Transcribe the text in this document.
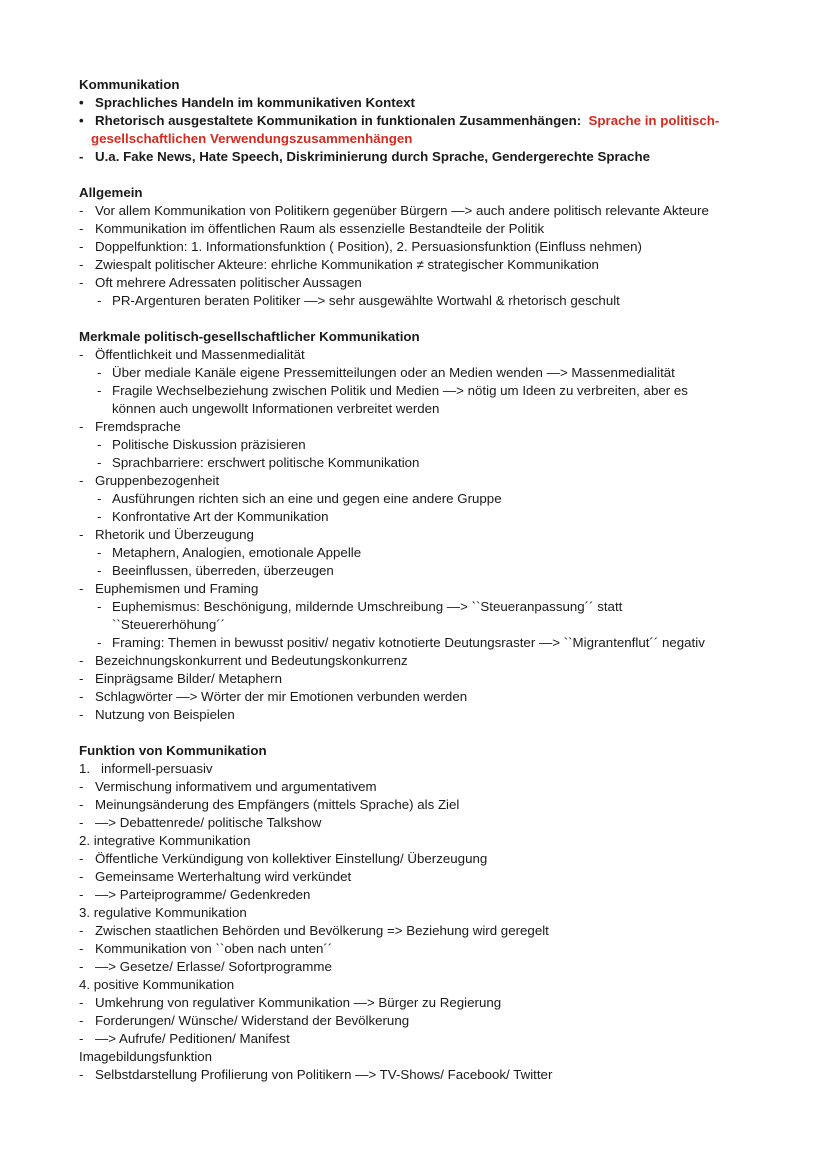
Kommunikation
• Sprachliches Handeln im kommunikativen Kontext
• Rhetorisch ausgestaltete Kommunikation in funktionalen Zusammenhängen: Sprache in politisch-
gesellschaftlichen Verwendungszusammenhängen
- U.a. Fake News, Hate Speech, Diskriminierung durch Sprache, Gendergerechte Sprache
Allgemein
- Vor allem Kommunikation von Politikern gegenüber Bürgern —> auch andere politisch relevante Akteure
- Kommunikation im öffentlichen Raum als essenzielle Bestandteile der Politik
- Doppelfunktion: 1. Informationsfunktion ( Position), 2. Persuasionsfunktion (Einfluss nehmen)
- Zwiespalt politischer Akteure: ehrliche Kommunikation ≠ strategischer Kommunikation
- Oft mehrere Adressaten politischer Aussagen
- PR-Argenturen beraten Politiker —> sehr ausgewählte Wortwahl & rhetorisch geschult
Merkmale politisch-gesellschaftlicher Kommunikation
- Öffentlichkeit und Massenmedialität
- Über mediale Kanäle eigene Pressemitteilungen oder an Medien wenden —> Massenmedialität
- Fragile Wechselbeziehung zwischen Politik und Medien —> nötig um Ideen zu verbreiten, aber es
können auch ungewollt Informationen verbreitet werden
- Fremdsprache
- Politische Diskussion präzisieren
- Sprachbarriere: erschwert politische Kommunikation
- Gruppenbezogenheit
- Ausführungen richten sich an eine und gegen eine andere Gruppe
- Konfrontative Art der Kommunikation
- Rhetorik und Überzeugung
- Metaphern, Analogien, emotionale Appelle
- Beeinflussen, überreden, überzeugen
- Euphemismen und Framing
- Euphemismus: Beschönigung, mildernde Umschreibung —> ``Steueranpassung´´ statt
``Steuererhöhung´´
- Framing: Themen in bewusst positiv/ negativ kotnotierte Deutungsraster —> ``Migrantenflut´´ negativ
- Bezeichnungskonkurrent und Bedeutungskonkurrenz
- Einprägsame Bilder/ Metaphern
- Schlagwörter —> Wörter der mir Emotionen verbunden werden
- Nutzung von Beispielen
Funktion von Kommunikation
1. informell-persuasiv
- Vermischung informativem und argumentativem
- Meinungsänderung des Empfängers (mittels Sprache) als Ziel
- —> Debattenrede/ politische Talkshow
2. integrative Kommunikation
- Öffentliche Verkündigung von kollektiver Einstellung/ Überzeugung
- Gemeinsame Werterhaltung wird verkündet
- —> Parteiprogramme/ Gedenkreden
3. regulative Kommunikation
- Zwischen staatlichen Behörden und Bevölkerung => Beziehung wird geregelt
- Kommunikation von ``oben nach unten´´
- —> Gesetze/ Erlasse/ Sofortprogramme
4. positive Kommunikation
- Umkehrung von regulativer Kommunikation —> Bürger zu Regierung
- Forderungen/ Wünsche/ Widerstand der Bevölkerung
- —> Aufrufe/ Peditionen/ Manifest
Imagebildungsfunktion
- Selbstdarstellung Profilierung von Politikern —> TV-Shows/ Facebook/ Twitter
